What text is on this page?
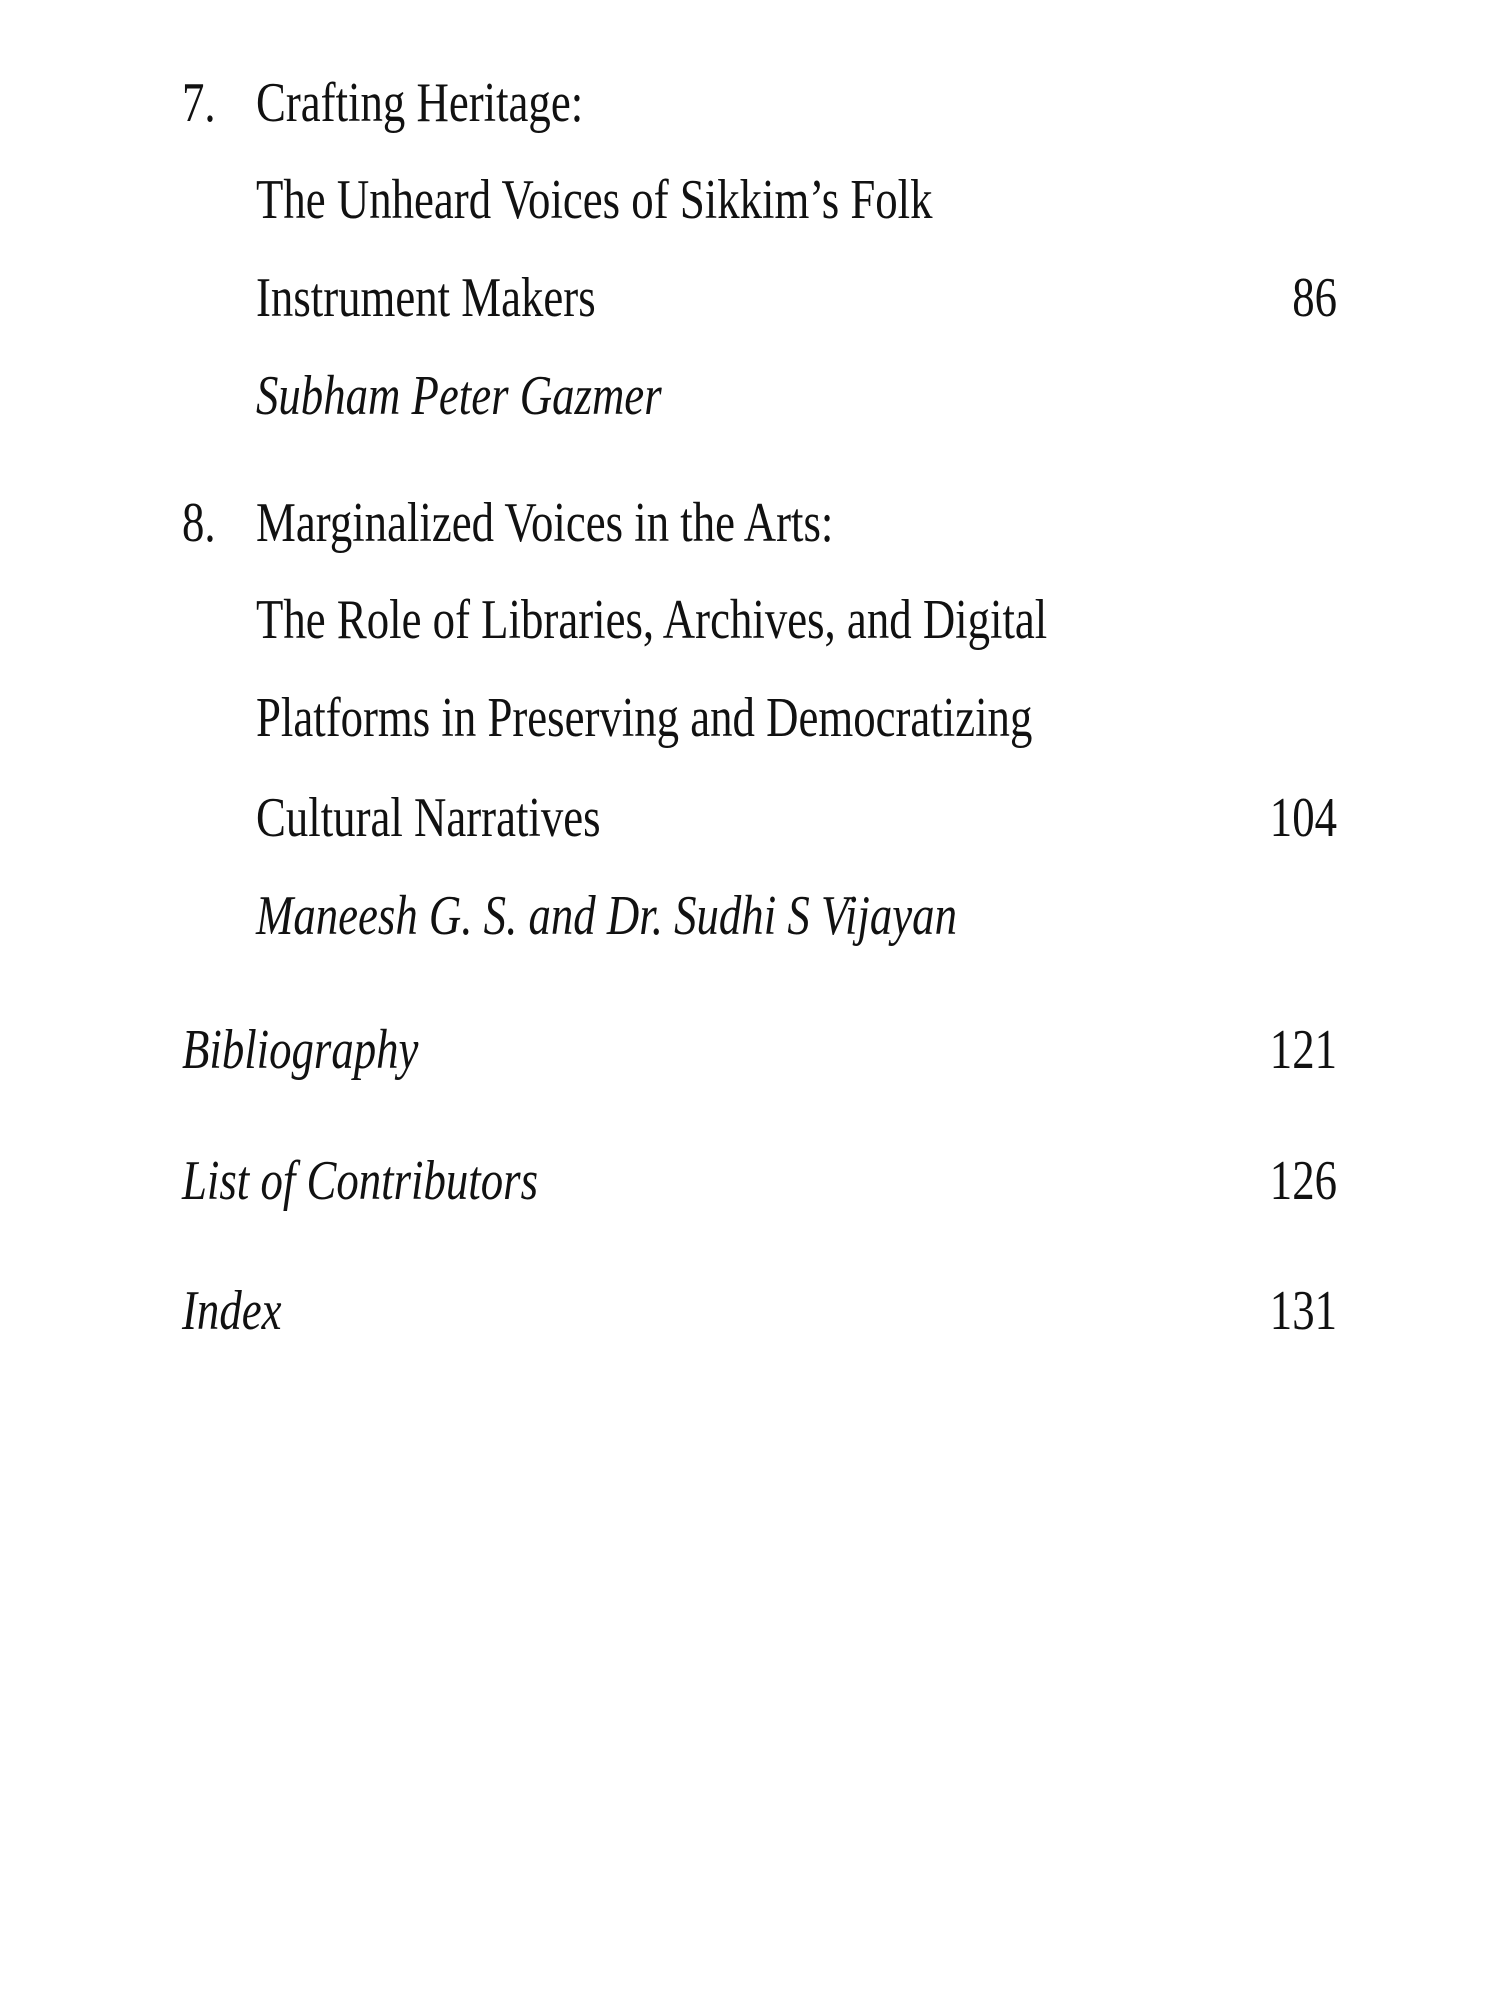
7. Crafting Heritage:
The Unheard Voices of Sikkim’s Folk
Instrument Makers	86
Subham Peter Gazmer
8. Marginalized Voices in the Arts:
The Role of Libraries, Archives, and Digital
Platforms in Preserving and Democratizing
Cultural Narratives	104
Maneesh G. S. and Dr. Sudhi S Vijayan
Bibliography	121
List of Contributors	126
Index	131
